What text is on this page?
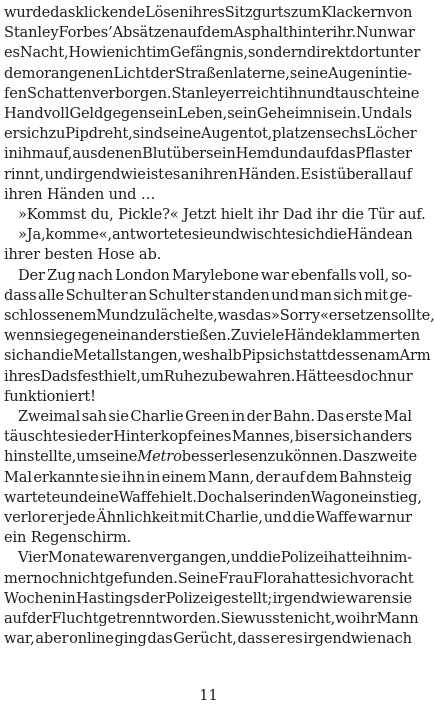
wurde das klickende Lösen ihres Sitzgurts zum Klackern von
Stanley Forbes’ Absätzen auf dem Asphalt hinter ihr. Nun war
es Nacht, Howie nicht im Gefängnis, sondern direkt dort unter
dem orangenen Licht der Straßenlaterne, seine Augen in tie-
fen Schatten verborgen. Stanley erreicht ihn und tauscht eine
Handvoll Geld gegen sein Leben, sein Geheimnis ein. Und als
er sich zu Pip dreht, sind seine Augen tot, platzen sechs Löcher
in ihm auf, aus denen Blut über sein Hemd und auf das Pflaster
rinnt, und irgendwie ist es an ihren Händen. Es ist überall auf
ihren Händen und …
»Kommst du, Pickle?« Jetzt hielt ihr Dad ihr die Tür auf.
»Ja, komme«, antwortete sie und wischte sich die Hände an
ihrer besten Hose ab.
Der Zug nach London Marylebone war ebenfalls voll, so-
dass alle Schulter an Schulter standen und man sich mit ge-
schlossenem Mund zulächelte, was das »Sorry« ersetzen sollte,
wenn sie gegeneinanderstießen. Zu viele Hände klammerten
sich an die Metallstangen, weshalb Pip sich stattdessen am Arm
ihres Dads festhielt, um Ruhe zu bewahren. Hätte es doch nur
funktioniert!
Zweimal sah sie Charlie Green in der Bahn. Das erste Mal
täuschte sie der Hinterkopf eines Mannes, bis er sich anders
hinstellte, um seine Metro besser lesen zu können. Das zweite
Mal erkannte sie ihn in einem Mann, der auf dem Bahnsteig
wartete und eine Waffe hielt. Doch als er in den Wagon einstieg,
verlor er jede Ähnlichkeit mit Charlie, und die Waffe war nur
ein Regenschirm.
Vier Monate waren vergangen, und die Polizei hatte ihn im-
mer noch nicht gefunden. Seine Frau Flora hatte sich vor acht
Wochen in Hastings der Polizei gestellt; irgendwie waren sie
auf der Flucht getrennt worden. Sie wusste nicht, wo ihr Mann
war, aber online ging das Gerücht, dass er es irgendwie nach
11
